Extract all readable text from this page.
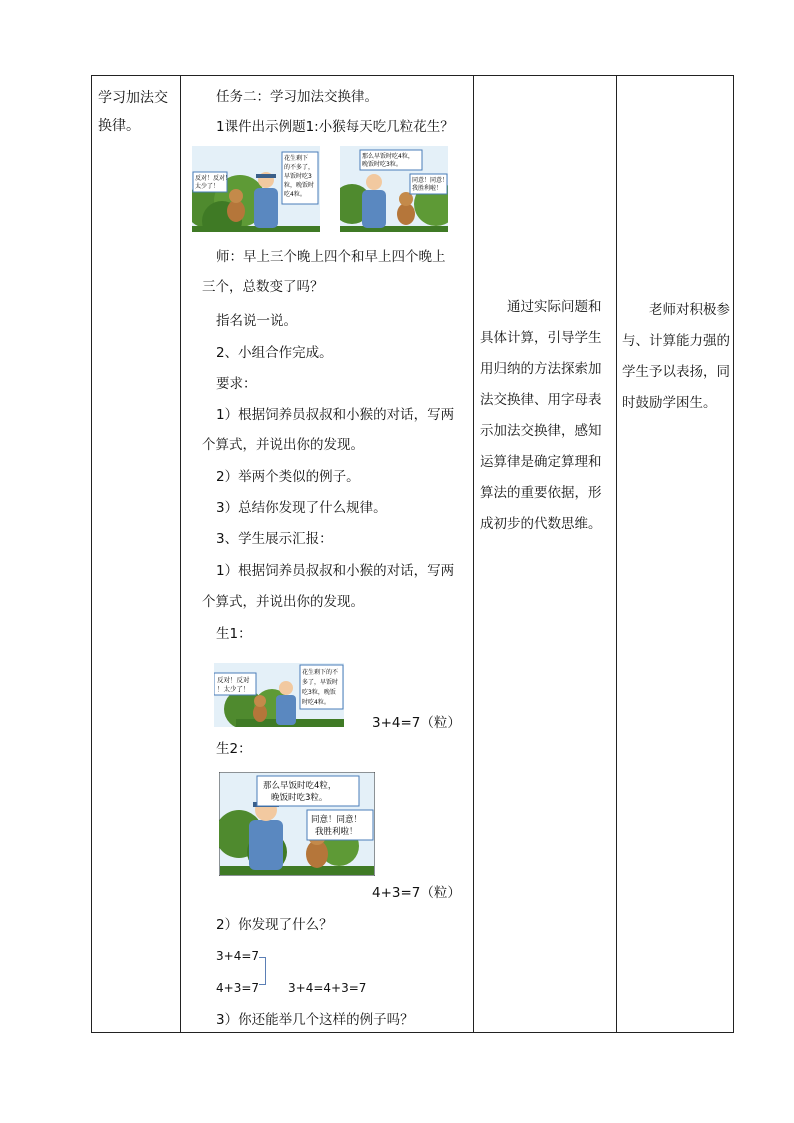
学习加法交换律。
任务二：学习加法交换律。
1课件出示例题1:小猴每天吃几粒花生？
反对！反对！
太少了！
花生剩下
的不多了，
早饭时吃3
粒，晚饭时
吃4粒。
那么早饭时吃4粒，
晚饭时吃3粒。
同意！同意！
我胜利啦！
师：早上三个晚上四个和早上四个晚上三个，总数变了吗？
指名说一说。
2、小组合作完成。
要求：
1）根据饲养员叔叔和小猴的对话，写两
个算式，并说出你的发现。
2）举两个类似的例子。
3）总结你发现了什么规律。
3、学生展示汇报：
1）根据饲养员叔叔和小猴的对话，写两
个算式，并说出你的发现。
生1：
反对！反对
！太少了！
花生剩下的不
多了，早饭时
吃3粒，晚饭
时吃4粒。
3+4=7（粒）
生2：
那么早饭时吃4粒，
晚饭时吃3粒。
同意！同意！
我胜利啦！
4+3=7（粒）
2）你发现了什么？
3+4=7
4+3=7	3+4=4+3=7
3）你还能举几个这样的例子吗？
通过实际问题和具体计算，引导学生用归纳的方法探索加法交换律、用字母表示加法交换律，感知运算律是确定算理和算法的重要依据，形成初步的代数思维。
老师对积极参与、计算能力强的学生予以表扬，同时鼓励学困生。
